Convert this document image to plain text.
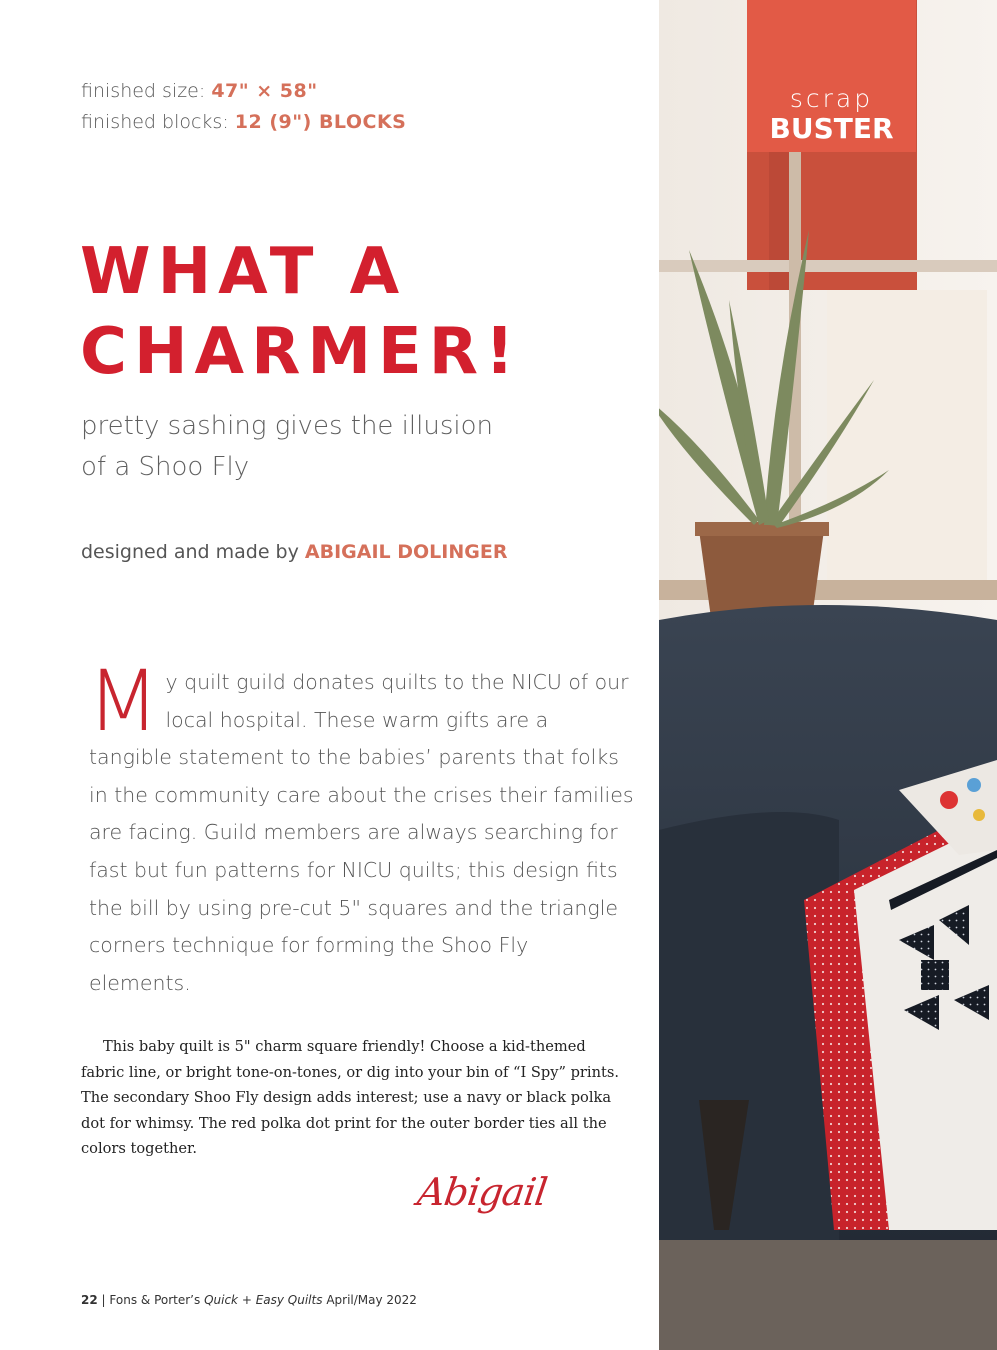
finished size: 47" × 58"
finished blocks: 12 (9") BLOCKS
WHAT A
CHARMER!
pretty sashing gives the illusion
of a Shoo Fly
designed and made by ABIGAIL DOLINGER
My quilt guild donates quilts to the NICU of our local hospital. These warm gifts are a tangible statement to the babies’ parents that folks in the community care about the crises their families are facing. Guild members are always searching for fast but fun patterns for NICU quilts; this design fits the bill by using pre-cut 5" squares and the triangle corners technique for forming the Shoo Fly elements.

This baby quilt is 5" charm square friendly! Choose a kid-themed fabric line, or bright tone-on-tones, or dig into your bin of “I Spy” prints. The secondary Shoo Fly design adds interest; use a navy or black polka dot for whimsy. The red polka dot print for the outer border ties all the colors together.

Abigail
22 | Fons & Porter’s Quick + Easy Quilts April/May 2022
scrap
BUSTER
